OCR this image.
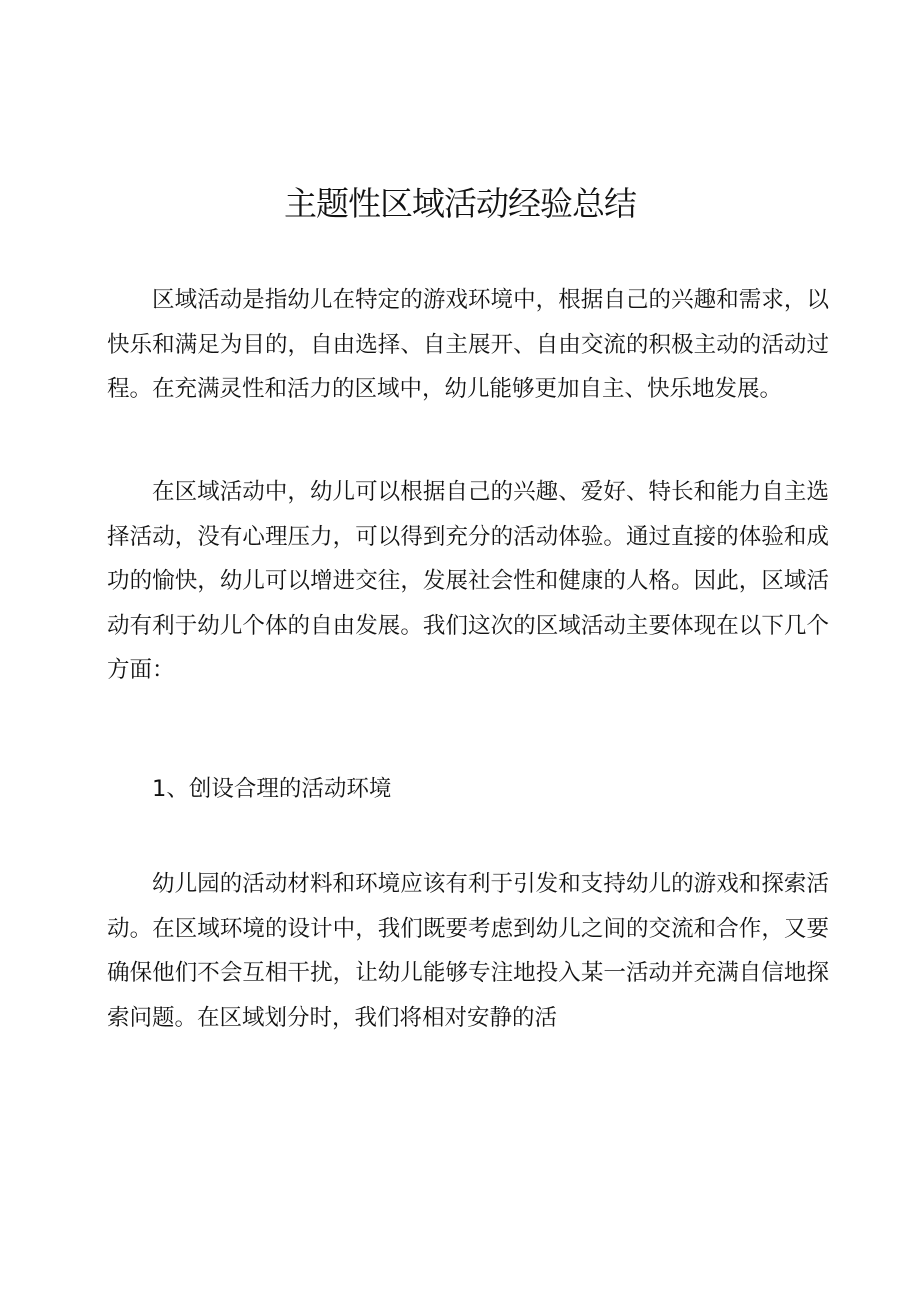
主题性区域活动经验总结

区域活动是指幼儿在特定的游戏环境中，根据自己的兴趣和需求，以快乐和满足为目的，自由选择、自主展开、自由交流的积极主动的活动过程。在充满灵性和活力的区域中，幼儿能够更加自主、快乐地发展。

在区域活动中，幼儿可以根据自己的兴趣、爱好、特长和能力自主选择活动，没有心理压力，可以得到充分的活动体验。通过直接的体验和成功的愉快，幼儿可以增进交往，发展社会性和健康的人格。因此，区域活动有利于幼儿个体的自由发展。我们这次的区域活动主要体现在以下几个方面：

1、创设合理的活动环境

幼儿园的活动材料和环境应该有利于引发和支持幼儿的游戏和探索活动。在区域环境的设计中，我们既要考虑到幼儿之间的交流和合作，又要确保他们不会互相干扰，让幼儿能够专注地投入某一活动并充满自信地探索问题。在区域划分时，我们将相对安静的活
